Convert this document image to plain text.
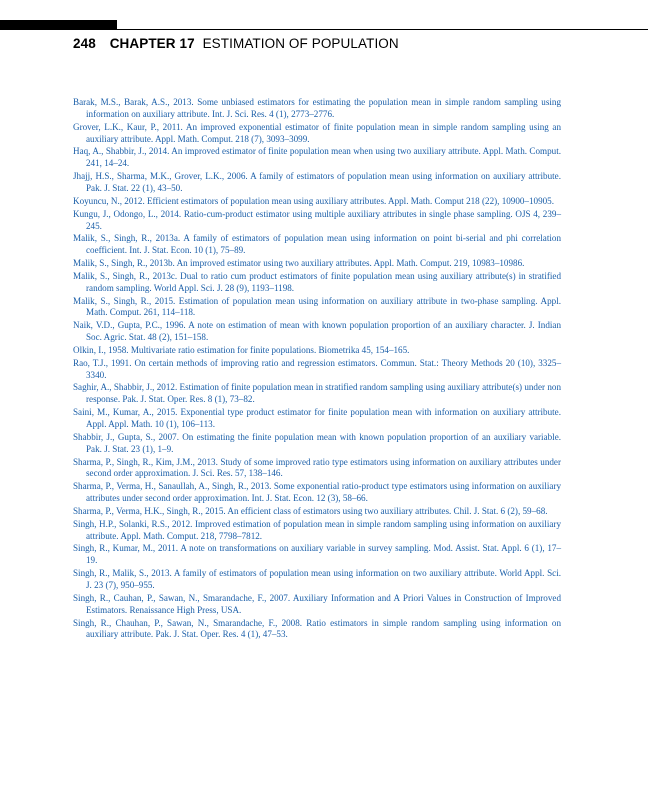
248 CHAPTER 17 ESTIMATION OF POPULATION
Barak, M.S., Barak, A.S., 2013. Some unbiased estimators for estimating the population mean in simple random sampling using information on auxiliary attribute. Int. J. Sci. Res. 4 (1), 2773–2776.
Grover, L.K., Kaur, P., 2011. An improved exponential estimator of finite population mean in simple random sampling using an auxiliary attribute. Appl. Math. Comput. 218 (7), 3093–3099.
Haq, A., Shabbir, J., 2014. An improved estimator of finite population mean when using two auxiliary attribute. Appl. Math. Comput. 241, 14–24.
Jhajj, H.S., Sharma, M.K., Grover, L.K., 2006. A family of estimators of population mean using information on auxiliary attribute. Pak. J. Stat. 22 (1), 43–50.
Koyuncu, N., 2012. Efficient estimators of population mean using auxiliary attributes. Appl. Math. Comput 218 (22), 10900–10905.
Kungu, J., Odongo, L., 2014. Ratio-cum-product estimator using multiple auxiliary attributes in single phase sampling. OJS 4, 239–245.
Malik, S., Singh, R., 2013a. A family of estimators of population mean using information on point bi-serial and phi correlation coefficient. Int. J. Stat. Econ. 10 (1), 75–89.
Malik, S., Singh, R., 2013b. An improved estimator using two auxiliary attributes. Appl. Math. Comput. 219, 10983–10986.
Malik, S., Singh, R., 2013c. Dual to ratio cum product estimators of finite population mean using auxiliary attribute(s) in stratified random sampling. World Appl. Sci. J. 28 (9), 1193–1198.
Malik, S., Singh, R., 2015. Estimation of population mean using information on auxiliary attribute in two-phase sampling. Appl. Math. Comput. 261, 114–118.
Naik, V.D., Gupta, P.C., 1996. A note on estimation of mean with known population proportion of an auxiliary character. J. Indian Soc. Agric. Stat. 48 (2), 151–158.
Olkin, I., 1958. Multivariate ratio estimation for finite populations. Biometrika 45, 154–165.
Rao, T.J., 1991. On certain methods of improving ratio and regression estimators. Commun. Stat.: Theory Methods 20 (10), 3325–3340.
Saghir, A., Shabbir, J., 2012. Estimation of finite population mean in stratified random sampling using auxiliary attribute(s) under non response. Pak. J. Stat. Oper. Res. 8 (1), 73–82.
Saini, M., Kumar, A., 2015. Exponential type product estimator for finite population mean with information on auxiliary attribute. Appl. Appl. Math. 10 (1), 106–113.
Shabbir, J., Gupta, S., 2007. On estimating the finite population mean with known population proportion of an auxiliary variable. Pak. J. Stat. 23 (1), 1–9.
Sharma, P., Singh, R., Kim, J.M., 2013. Study of some improved ratio type estimators using information on auxiliary attributes under second order approximation. J. Sci. Res. 57, 138–146.
Sharma, P., Verma, H., Sanaullah, A., Singh, R., 2013. Some exponential ratio-product type estimators using information on auxiliary attributes under second order approximation. Int. J. Stat. Econ. 12 (3), 58–66.
Sharma, P., Verma, H.K., Singh, R., 2015. An efficient class of estimators using two auxiliary attributes. Chil. J. Stat. 6 (2), 59–68.
Singh, H.P., Solanki, R.S., 2012. Improved estimation of population mean in simple random sampling using information on auxiliary attribute. Appl. Math. Comput. 218, 7798–7812.
Singh, R., Kumar, M., 2011. A note on transformations on auxiliary variable in survey sampling. Mod. Assist. Stat. Appl. 6 (1), 17–19.
Singh, R., Malik, S., 2013. A family of estimators of population mean using information on two auxiliary attribute. World Appl. Sci. J. 23 (7), 950–955.
Singh, R., Cauhan, P., Sawan, N., Smarandache, F., 2007. Auxiliary Information and A Priori Values in Construction of Improved Estimators. Renaissance High Press, USA.
Singh, R., Chauhan, P., Sawan, N., Smarandache, F., 2008. Ratio estimators in simple random sampling using information on auxiliary attribute. Pak. J. Stat. Oper. Res. 4 (1), 47–53.
